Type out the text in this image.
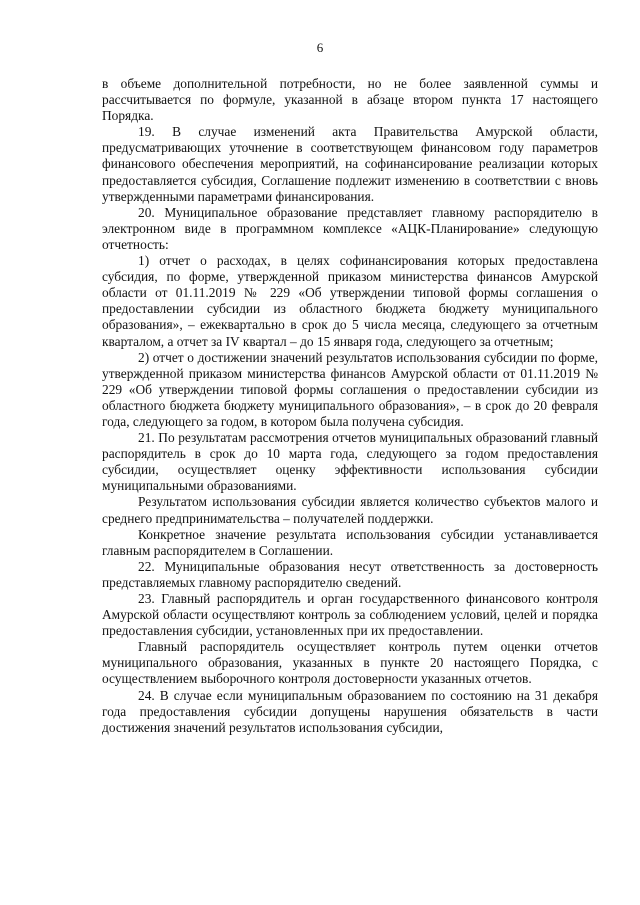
6

в объеме дополнительной потребности, но не более заявленной суммы и рассчитывается по формуле, указанной в абзаце втором пункта 17 настоящего Порядка.

19. В случае изменений акта Правительства Амурской области, предусматривающих уточнение в соответствующем финансовом году параметров финансового обеспечения мероприятий, на софинансирование реализации которых предоставляется субсидия, Соглашение подлежит изменению в соответствии с вновь утвержденными параметрами финансирования.

20. Муниципальное образование представляет главному распорядителю в электронном виде в программном комплексе «АЦК-Планирование» следующую отчетность:

1) отчет о расходах, в целях софинансирования которых предоставлена субсидия, по форме, утвержденной приказом министерства финансов Амурской области от 01.11.2019 № 229 «Об утверждении типовой формы соглашения о предоставлении субсидии из областного бюджета бюджету муниципального образования», – ежеквартально в срок до 5 числа месяца, следующего за отчетным кварталом, а отчет за IV квартал – до 15 января года, следующего за отчетным;

2) отчет о достижении значений результатов использования субсидии по форме, утвержденной приказом министерства финансов Амурской области от 01.11.2019 № 229 «Об утверждении типовой формы соглашения о предоставлении субсидии из областного бюджета бюджету муниципального образования», – в срок до 20 февраля года, следующего за годом, в котором была получена субсидия.

21. По результатам рассмотрения отчетов муниципальных образований главный распорядитель в срок до 10 марта года, следующего за годом предоставления субсидии, осуществляет оценку эффективности использования субсидии муниципальными образованиями.

Результатом использования субсидии является количество субъектов малого и среднего предпринимательства – получателей поддержки.

Конкретное значение результата использования субсидии устанавливается главным распорядителем в Соглашении.

22. Муниципальные образования несут ответственность за достоверность представляемых главному распорядителю сведений.

23. Главный распорядитель и орган государственного финансового контроля Амурской области осуществляют контроль за соблюдением условий, целей и порядка предоставления субсидии, установленных при их предоставлении.

Главный распорядитель осуществляет контроль путем оценки отчетов муниципального образования, указанных в пункте 20 настоящего Порядка, с осуществлением выборочного контроля достоверности указанных отчетов.

24. В случае если муниципальным образованием по состоянию на 31 декабря года предоставления субсидии допущены нарушения обязательств в части достижения значений результатов использования субсидии,
